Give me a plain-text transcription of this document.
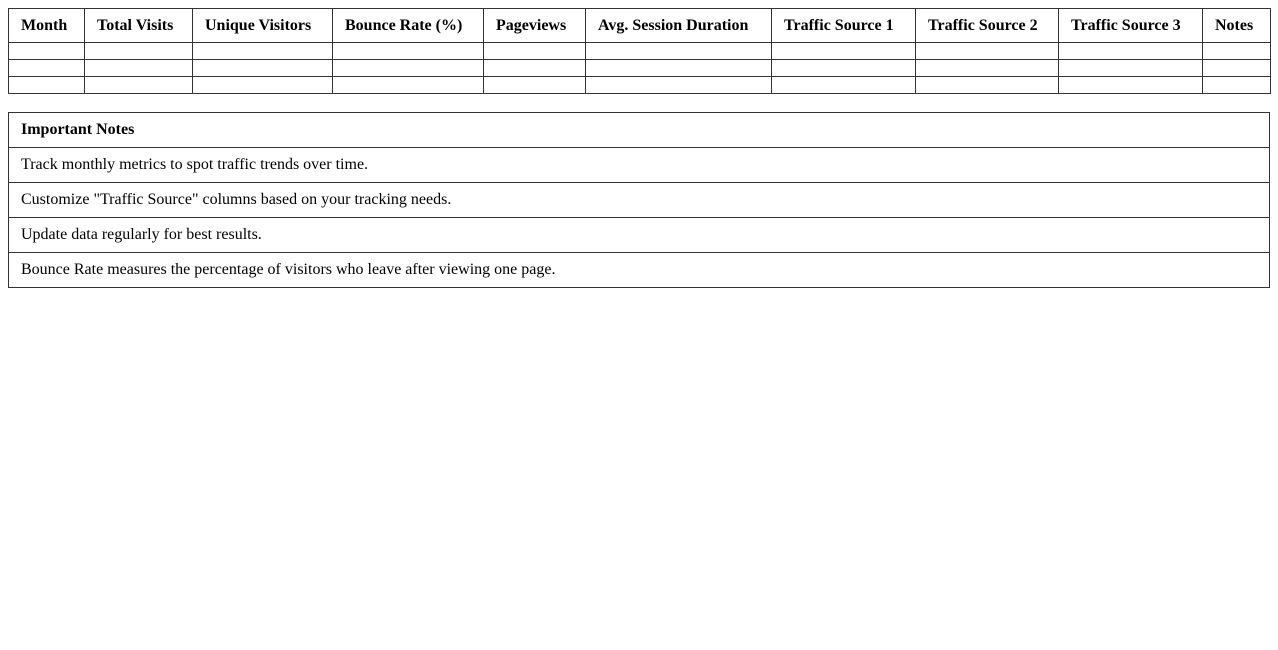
Month	Total Visits	Unique Visitors	Bounce Rate (%)	Pageviews	Avg. Session Duration	Traffic Source 1	Traffic Source 2	Traffic Source 3	Notes

Important Notes
Track monthly metrics to spot traffic trends over time.
Customize "Traffic Source" columns based on your tracking needs.
Update data regularly for best results.
Bounce Rate measures the percentage of visitors who leave after viewing one page.
